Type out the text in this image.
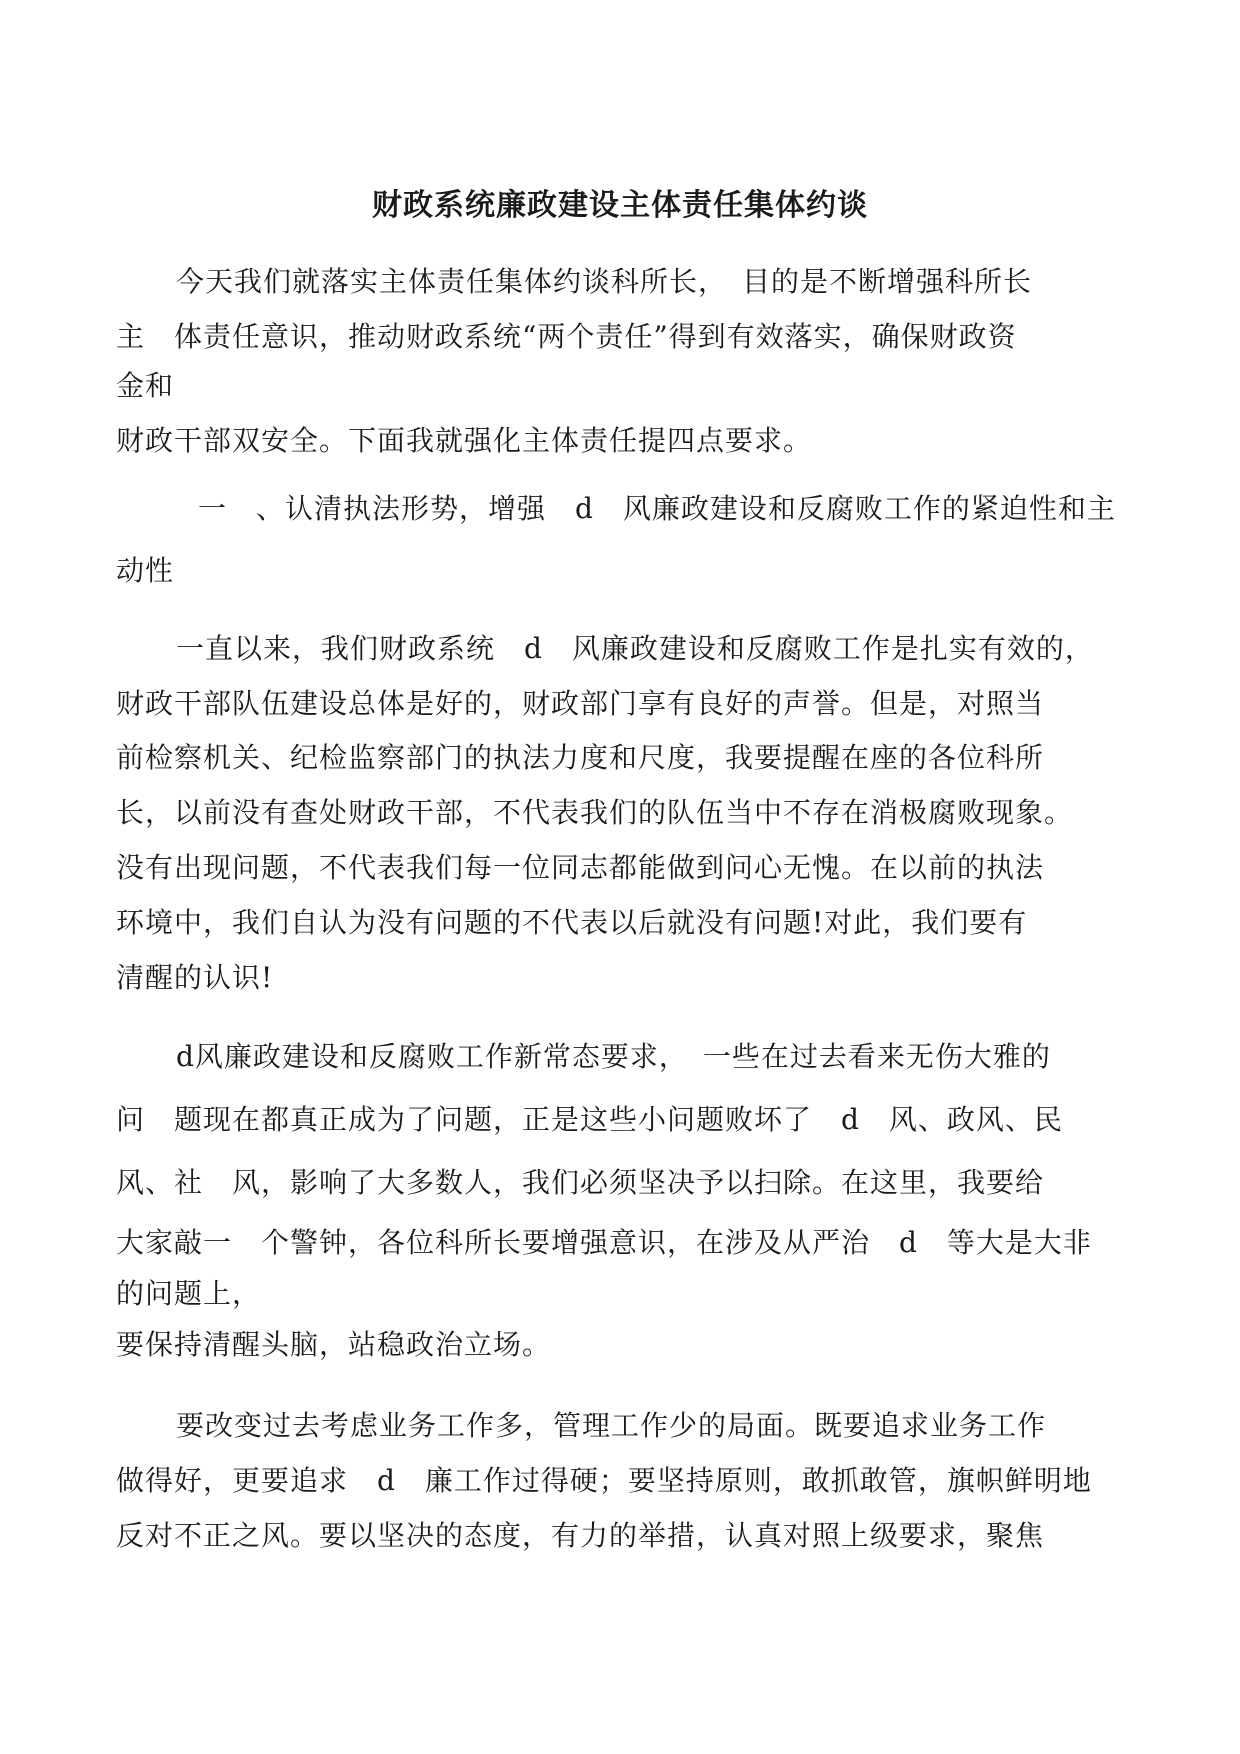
财政系统廉政建设主体责任集体约谈
今天我们就落实主体责任集体约谈科所长，　目的是不断增强科所长
主　体责任意识，推动财政系统“两个责任”得到有效落实，确保财政资
金和
财政干部双安全。下面我就强化主体责任提四点要求。
一　、认清执法形势，增强　d　风廉政建设和反腐败工作的紧迫性和主
动性
一直以来，我们财政系统　d　风廉政建设和反腐败工作是扎实有效的，
财政干部队伍建设总体是好的，财政部门享有良好的声誉。但是，对照当
前检察机关、纪检监察部门的执法力度和尺度，我要提醒在座的各位科所
长，以前没有查处财政干部，不代表我们的队伍当中不存在消极腐败现象。
没有出现问题，不代表我们每一位同志都能做到问心无愧。在以前的执法
环境中，我们自认为没有问题的不代表以后就没有问题!对此，我们要有
清醒的认识!
d风廉政建设和反腐败工作新常态要求，　一些在过去看来无伤大雅的
问　题现在都真正成为了问题，正是这些小问题败坏了　d　风、政风、民
风、社　风，影响了大多数人，我们必须坚决予以扫除。在这里，我要给
大家敲一　个警钟，各位科所长要增强意识，在涉及从严治　d　等大是大非
的问题上，
要保持清醒头脑，站稳政治立场。
要改变过去考虑业务工作多，管理工作少的局面。既要追求业务工作
做得好，更要追求　d　廉工作过得硬；要坚持原则，敢抓敢管，旗帜鲜明地
反对不正之风。要以坚决的态度，有力的举措，认真对照上级要求，聚焦
